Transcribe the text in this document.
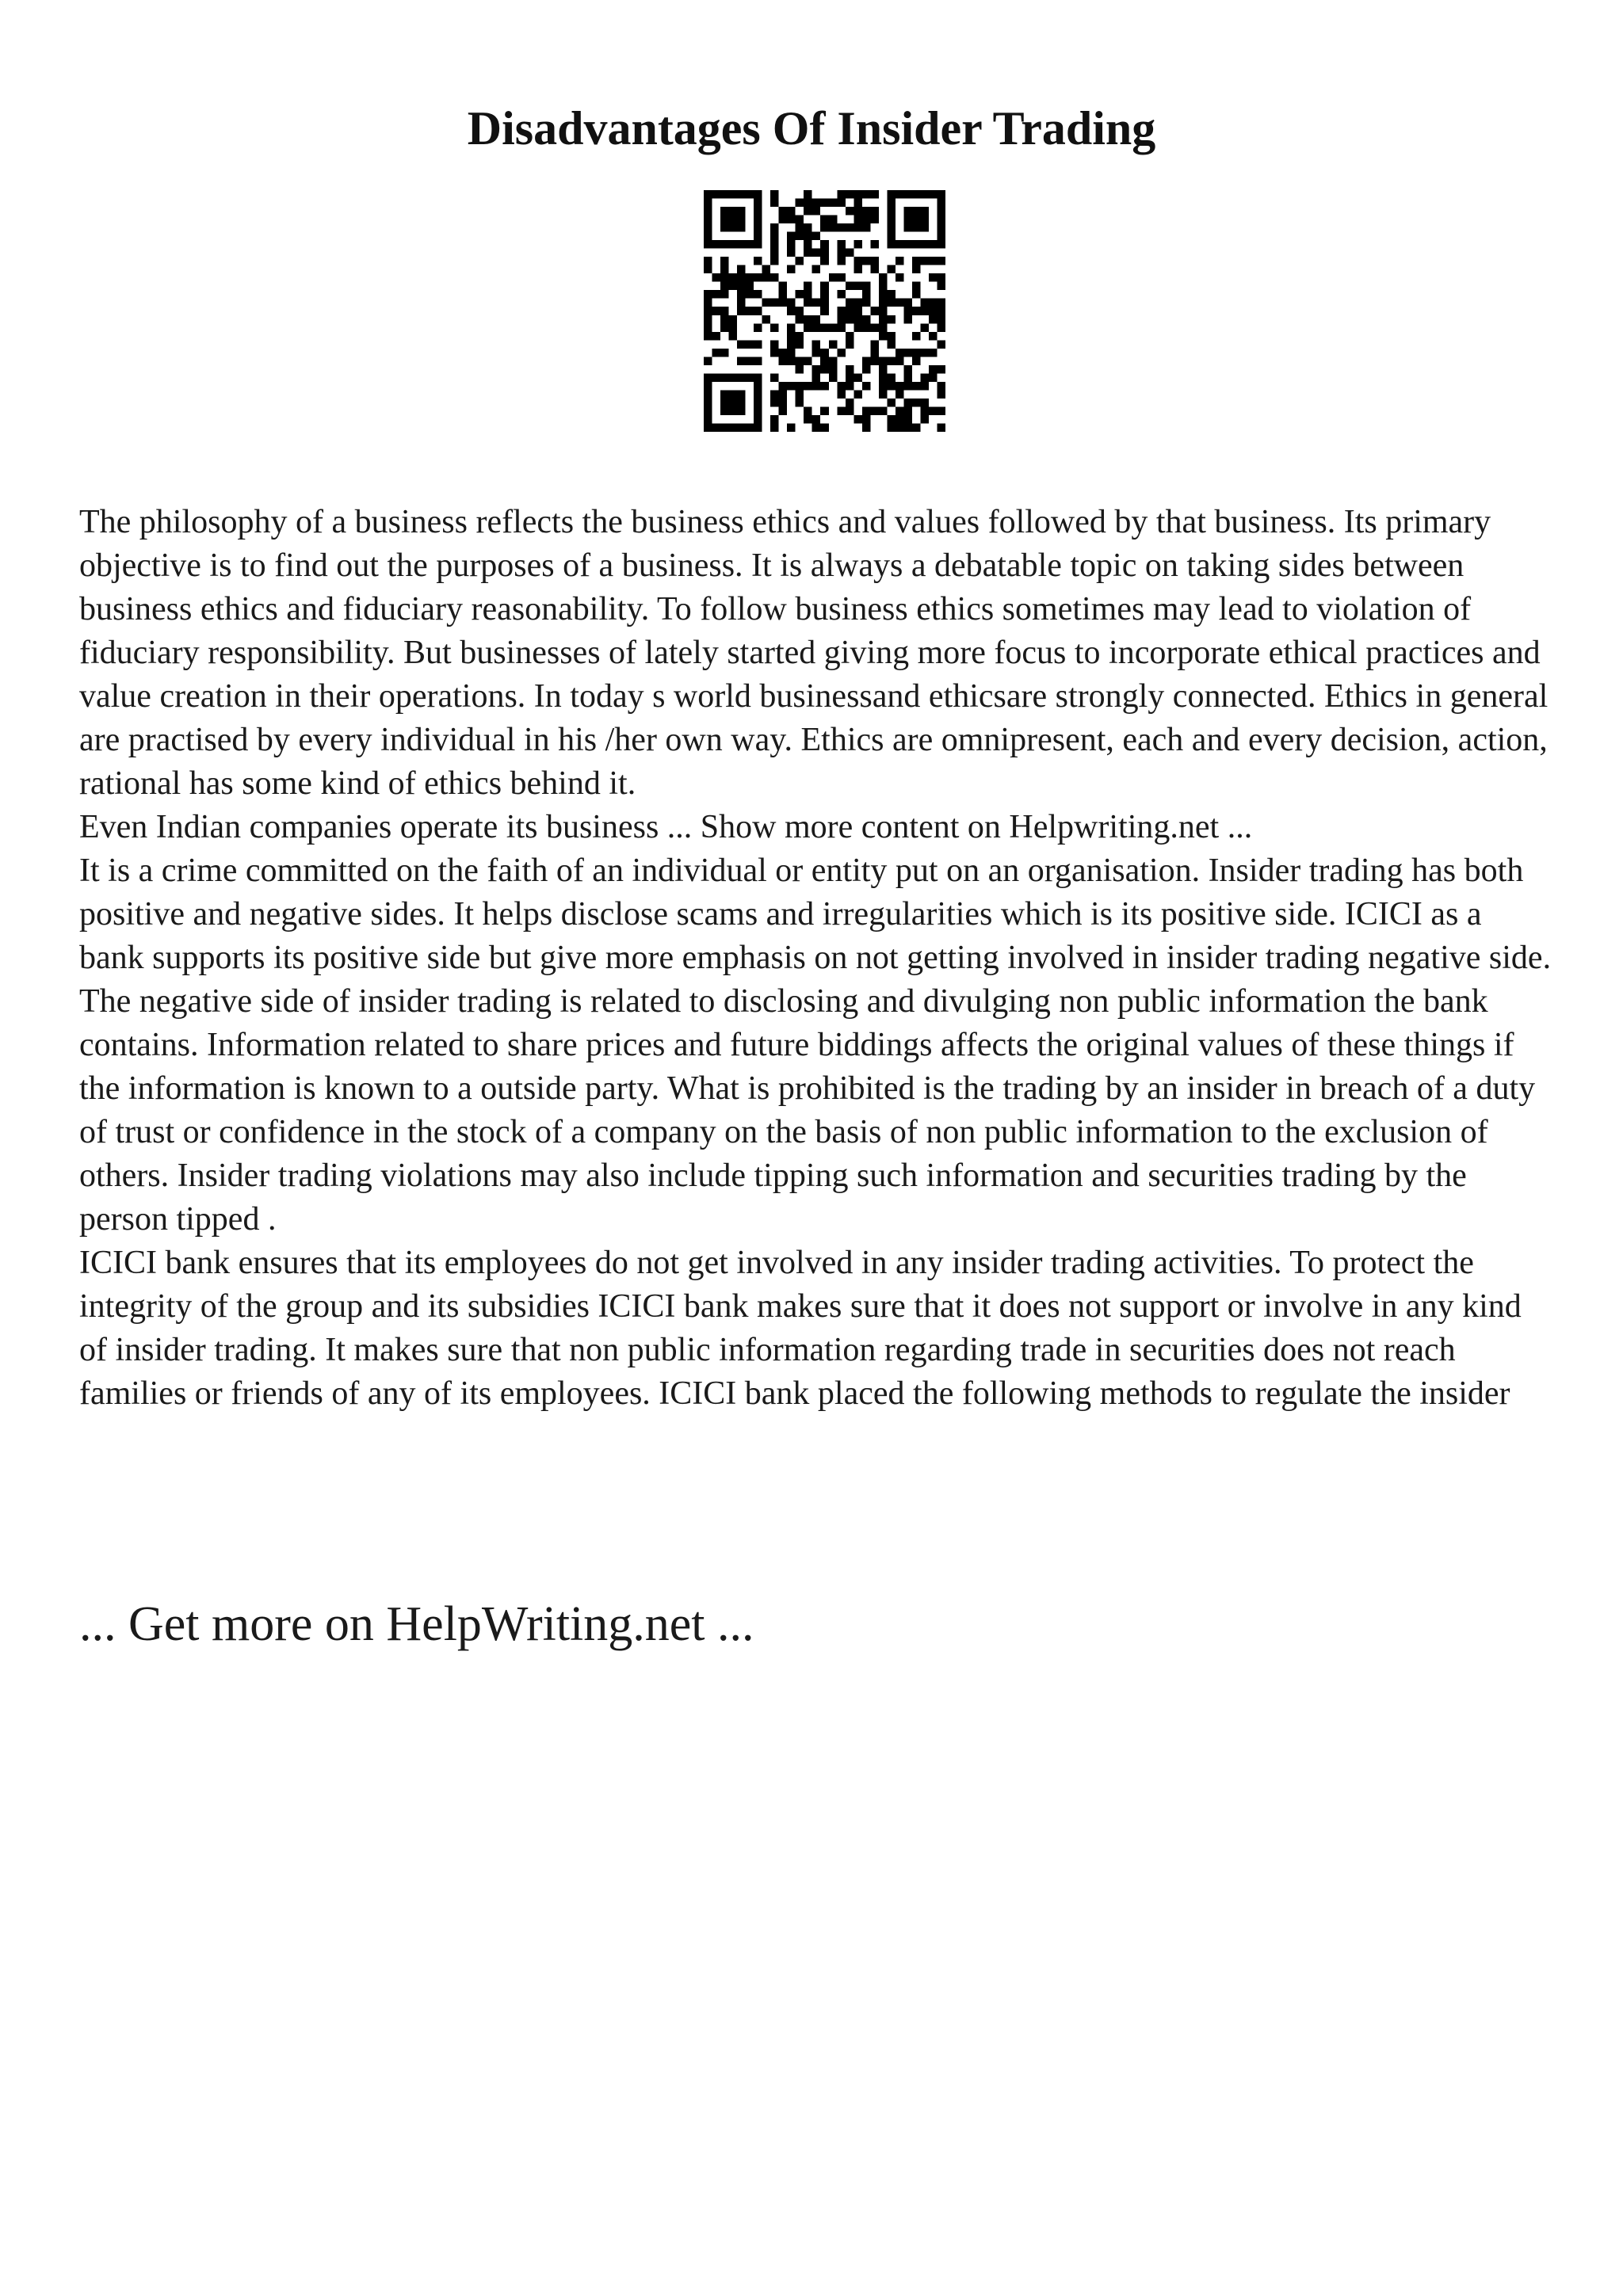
Disadvantages Of Insider Trading

The philosophy of a business reflects the business ethics and values followed by that business. Its primary objective is to find out the purposes of a business. It is always a debatable topic on taking sides between business ethics and fiduciary reasonability. To follow business ethics sometimes may lead to violation of fiduciary responsibility. But businesses of lately started giving more focus to incorporate ethical practices and value creation in their operations. In today s world businessand ethicsare strongly connected. Ethics in general are practised by every individual in his /her own way. Ethics are omnipresent, each and every decision, action, rational has some kind of ethics behind it.

Even Indian companies operate its business ... Show more content on Helpwriting.net ...

It is a crime committed on the faith of an individual or entity put on an organisation. Insider trading has both positive and negative sides. It helps disclose scams and irregularities which is its positive side. ICICI as a bank supports its positive side but give more emphasis on not getting involved in insider trading negative side.

The negative side of insider trading is related to disclosing and divulging non public information the bank contains. Information related to share prices and future biddings affects the original values of these things if the information is known to a outside party. What is prohibited is the trading by an insider in breach of a duty of trust or confidence in the stock of a company on the basis of non public information to the exclusion of others. Insider trading violations may also include tipping such information and securities trading by the person tipped .

ICICI bank ensures that its employees do not get involved in any insider trading activities. To protect the integrity of the group and its subsidies ICICI bank makes sure that it does not support or involve in any kind of insider trading. It makes sure that non public information regarding trade in securities does not reach families or friends of any of its employees. ICICI bank placed the following methods to regulate the insider

... Get more on HelpWriting.net ...
